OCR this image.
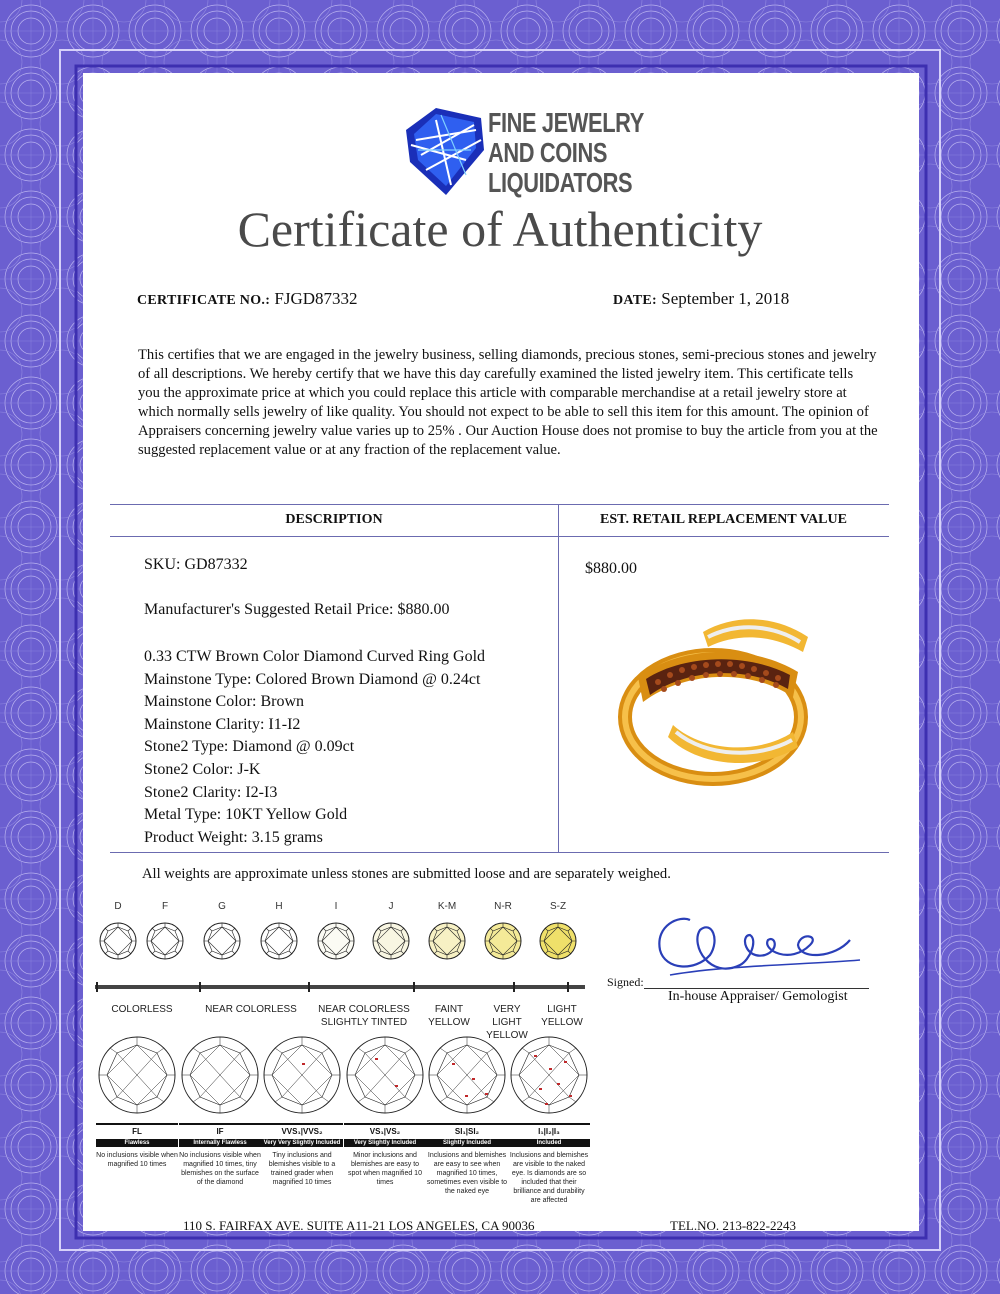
FINE JEWELRY
AND COINS
LIQUIDATORS
Certificate of Authenticity
CERTIFICATE NO.: FJGD87332	DATE: September 1, 2018
This certifies that we are engaged in the jewelry business, selling diamonds, precious stones, semi-precious stones and jewelry of all descriptions. We hereby certify that we have this day carefully examined the listed jewelry item. This certificate tells you the approximate price at which you could replace this article with comparable merchandise at a retail jewelry store at which normally sells jewelry of like quality. You should not expect to be able to sell this item for this amount. The opinion of Appraisers concerning jewelry value varies up to 25% . Our Auction House does not promise to buy the article from you at the suggested replacement value or at any fraction of the replacement value.
DESCRIPTION	EST. RETAIL REPLACEMENT VALUE
SKU: GD87332
Manufacturer's Suggested Retail Price: $880.00
0.33 CTW Brown Color Diamond Curved Ring Gold
Mainstone Type: Colored Brown Diamond @ 0.24ct
Mainstone Color: Brown
Mainstone Clarity: I1-I2
Stone2 Type: Diamond @ 0.09ct
Stone2 Color: J-K
Stone2 Clarity: I2-I3
Metal Type: 10KT Yellow Gold
Product Weight: 3.15 grams
$880.00
All weights are approximate unless stones are submitted loose and are separately weighed.
D	F	G	H	I	J	K-M	N-R	S-Z
COLORLESS	NEAR COLORLESS	NEAR COLORLESS
SLIGHTLY TINTED
FAINT
YELLOW
VERY LIGHT
YELLOW
LIGHT
YELLOW
FL
Flawless
No inclusions visible when magnified 10 times
IF
Internally Flawless
No inclusions visible when magnified 10 times, tiny blemishes on the surface of the diamond
VVS₁|VVS₂
Very Very Slightly Included
Tiny inclusions and blemishes visible to a trained grader when magnified 10 times
VS₁|VS₂
Very Slightly Included
Minor inclusions and blemishes are easy to spot when magnified 10 times
SI₁|SI₂
Slightly Included
Inclusions and blemishes are easy to see when magnified 10 times, sometimes even visible to the naked eye
I₁|I₂|I₃
Included
Inclusions and blemishes are visible to the naked eye. Is diamonds are so included that their brilliance and durability are affected
Signed:
In-house Appraiser/ Gemologist
110 S. FAIRFAX AVE. SUITE A11-21 LOS ANGELES, CA 90036	TEL.NO. 213-822-2243
